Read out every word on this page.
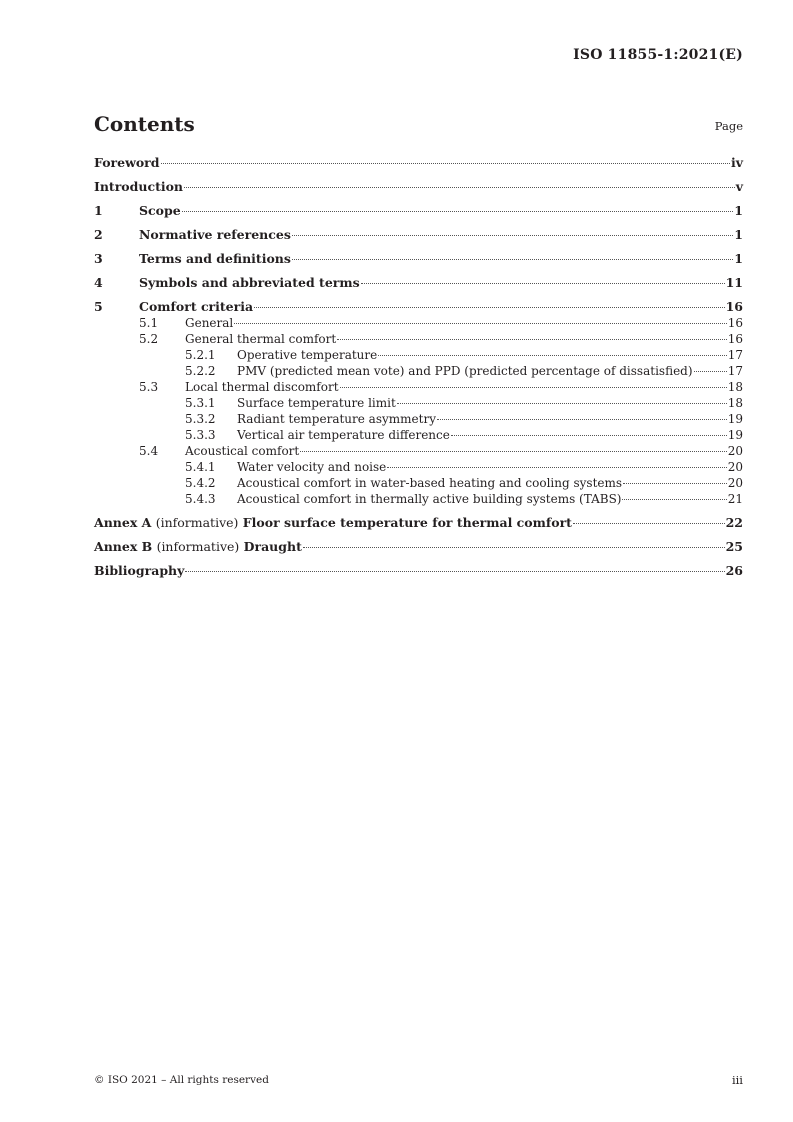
ISO 11855-1:2021(E)
Contents	Page
Foreword	iv
Introduction	v
1	Scope	1
2	Normative references	1
3	Terms and definitions	1
4	Symbols and abbreviated terms	11
5	Comfort criteria	16
5.1	General	16
5.2	General thermal comfort	16
5.2.1	Operative temperature	17
5.2.2	PMV (predicted mean vote) and PPD (predicted percentage of dissatisfied)	17
5.3	Local thermal discomfort	18
5.3.1	Surface temperature limit	18
5.3.2	Radiant temperature asymmetry	19
5.3.3	Vertical air temperature difference	19
5.4	Acoustical comfort	20
5.4.1	Water velocity and noise	20
5.4.2	Acoustical comfort in water-based heating and cooling systems	20
5.4.3	Acoustical comfort in thermally active building systems (TABS)	21
Annex A (informative) Floor surface temperature for thermal comfort	22
Annex B (informative) Draught	25
Bibliography	26
© ISO 2021 – All rights reserved	iii
